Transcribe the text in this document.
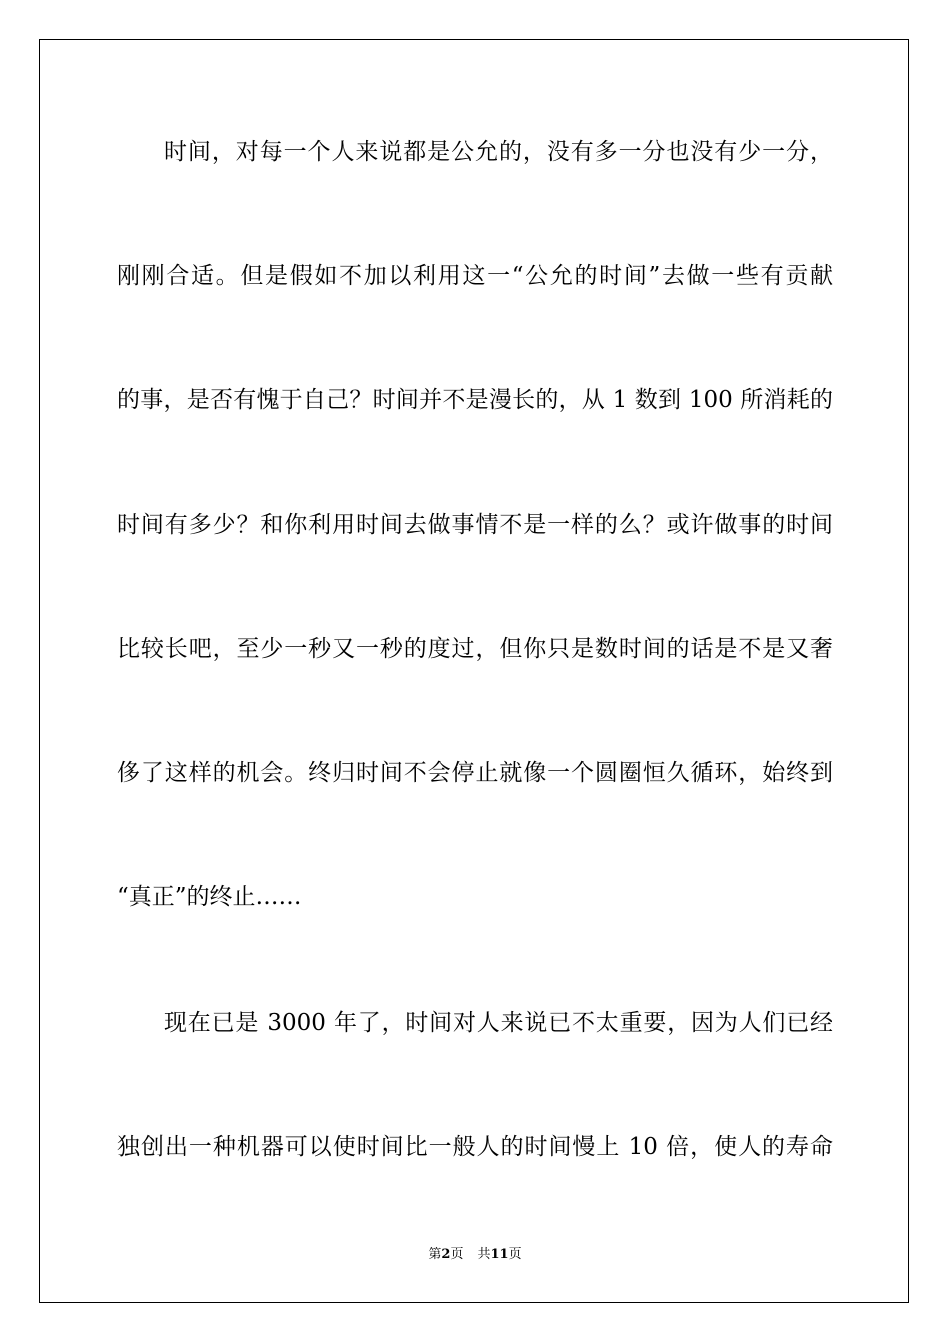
时间，对每一个人来说都是公允的，没有多一分也没有少一分，
刚刚合适。但是假如不加以利用这一“公允的时间”去做一些有贡献
的事，是否有愧于自己？时间并不是漫长的，从 1 数到 100 所消耗的
时间有多少？和你利用时间去做事情不是一样的么？或许做事的时间
比较长吧，至少一秒又一秒的度过，但你只是数时间的话是不是又奢
侈了这样的机会。终归时间不会停止就像一个圆圈恒久循环，始终到
“真正”的终止……
现在已是 3000 年了，时间对人来说已不太重要，因为人们已经
独创出一种机器可以使时间比一般人的时间慢上 10 倍，使人的寿命
第2页 共11页
